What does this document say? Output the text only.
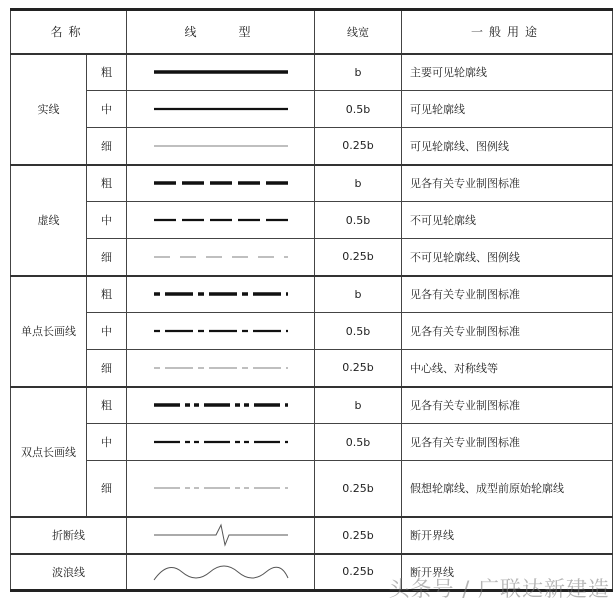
名称		线　　型	线宽	一般用途
实线	粗		b	主要可见轮廓线
	中		0.5b	可见轮廓线
	细		0.25b	可见轮廓线、图例线
虚线	粗		b	见各有关专业制图标准
	中		0.5b	不可见轮廓线
	细		0.25b	不可见轮廓线、图例线
单点长画线	粗		b	见各有关专业制图标准
	中		0.5b	见各有关专业制图标准
	细		0.25b	中心线、对称线等
双点长画线	粗		b	见各有关专业制图标准
	中		0.5b	见各有关专业制图标准
	细		0.25b	假想轮廓线、成型前原始轮廓线
折断线			0.25b	断开界线
波浪线			0.25b	断开界线
头条号 / 广联达新建造
